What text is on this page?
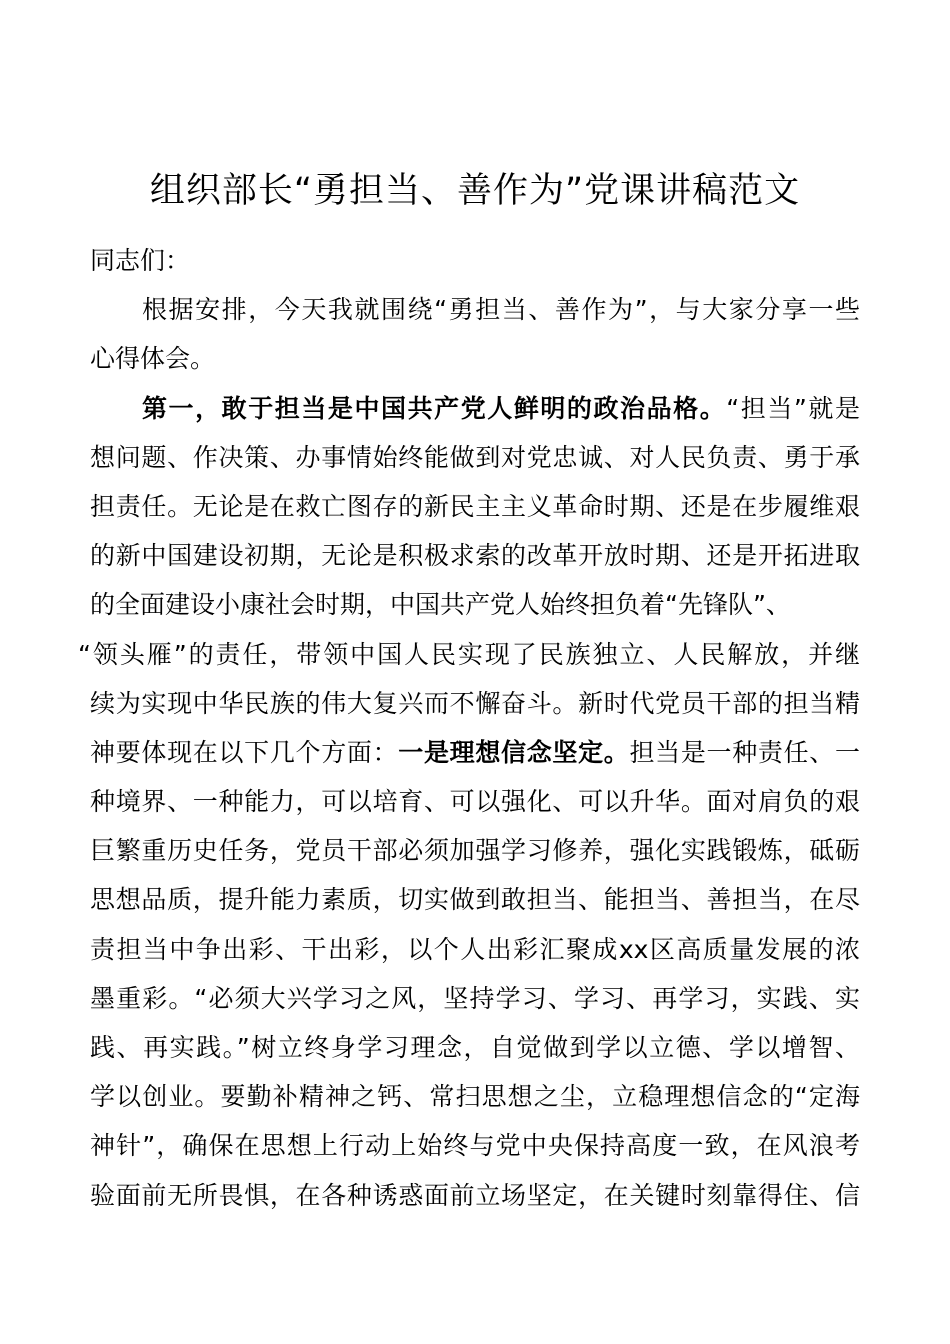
组织部长“勇担当、善作为”党课讲稿范文
同志们：
根据安排，今天我就围绕“勇担当、善作为”，与大家分享一些
心得体会。
第一，敢于担当是中国共产党人鲜明的政治品格。“担当”就是
想问题、作决策、办事情始终能做到对党忠诚、对人民负责、勇于承
担责任。无论是在救亡图存的新民主主义革命时期、还是在步履维艰
的新中国建设初期，无论是积极求索的改革开放时期、还是开拓进取
的全面建设小康社会时期，中国共产党人始终担负着“先锋队”、
“领头雁”的责任，带领中国人民实现了民族独立、人民解放，并继
续为实现中华民族的伟大复兴而不懈奋斗。新时代党员干部的担当精
神要体现在以下几个方面：一是理想信念坚定。担当是一种责任、一
种境界、一种能力，可以培育、可以强化、可以升华。面对肩负的艰
巨繁重历史任务，党员干部必须加强学习修养，强化实践锻炼，砥砺
思想品质，提升能力素质，切实做到敢担当、能担当、善担当，在尽
责担当中争出彩、干出彩，以个人出彩汇聚成xx区高质量发展的浓
墨重彩。“必须大兴学习之风，坚持学习、学习、再学习，实践、实
践、再实践。”树立终身学习理念，自觉做到学以立德、学以增智、
学以创业。要勤补精神之钙、常扫思想之尘，立稳理想信念的“定海
神针”，确保在思想上行动上始终与党中央保持高度一致，在风浪考
验面前无所畏惧，在各种诱惑面前立场坚定，在关键时刻靠得住、信
